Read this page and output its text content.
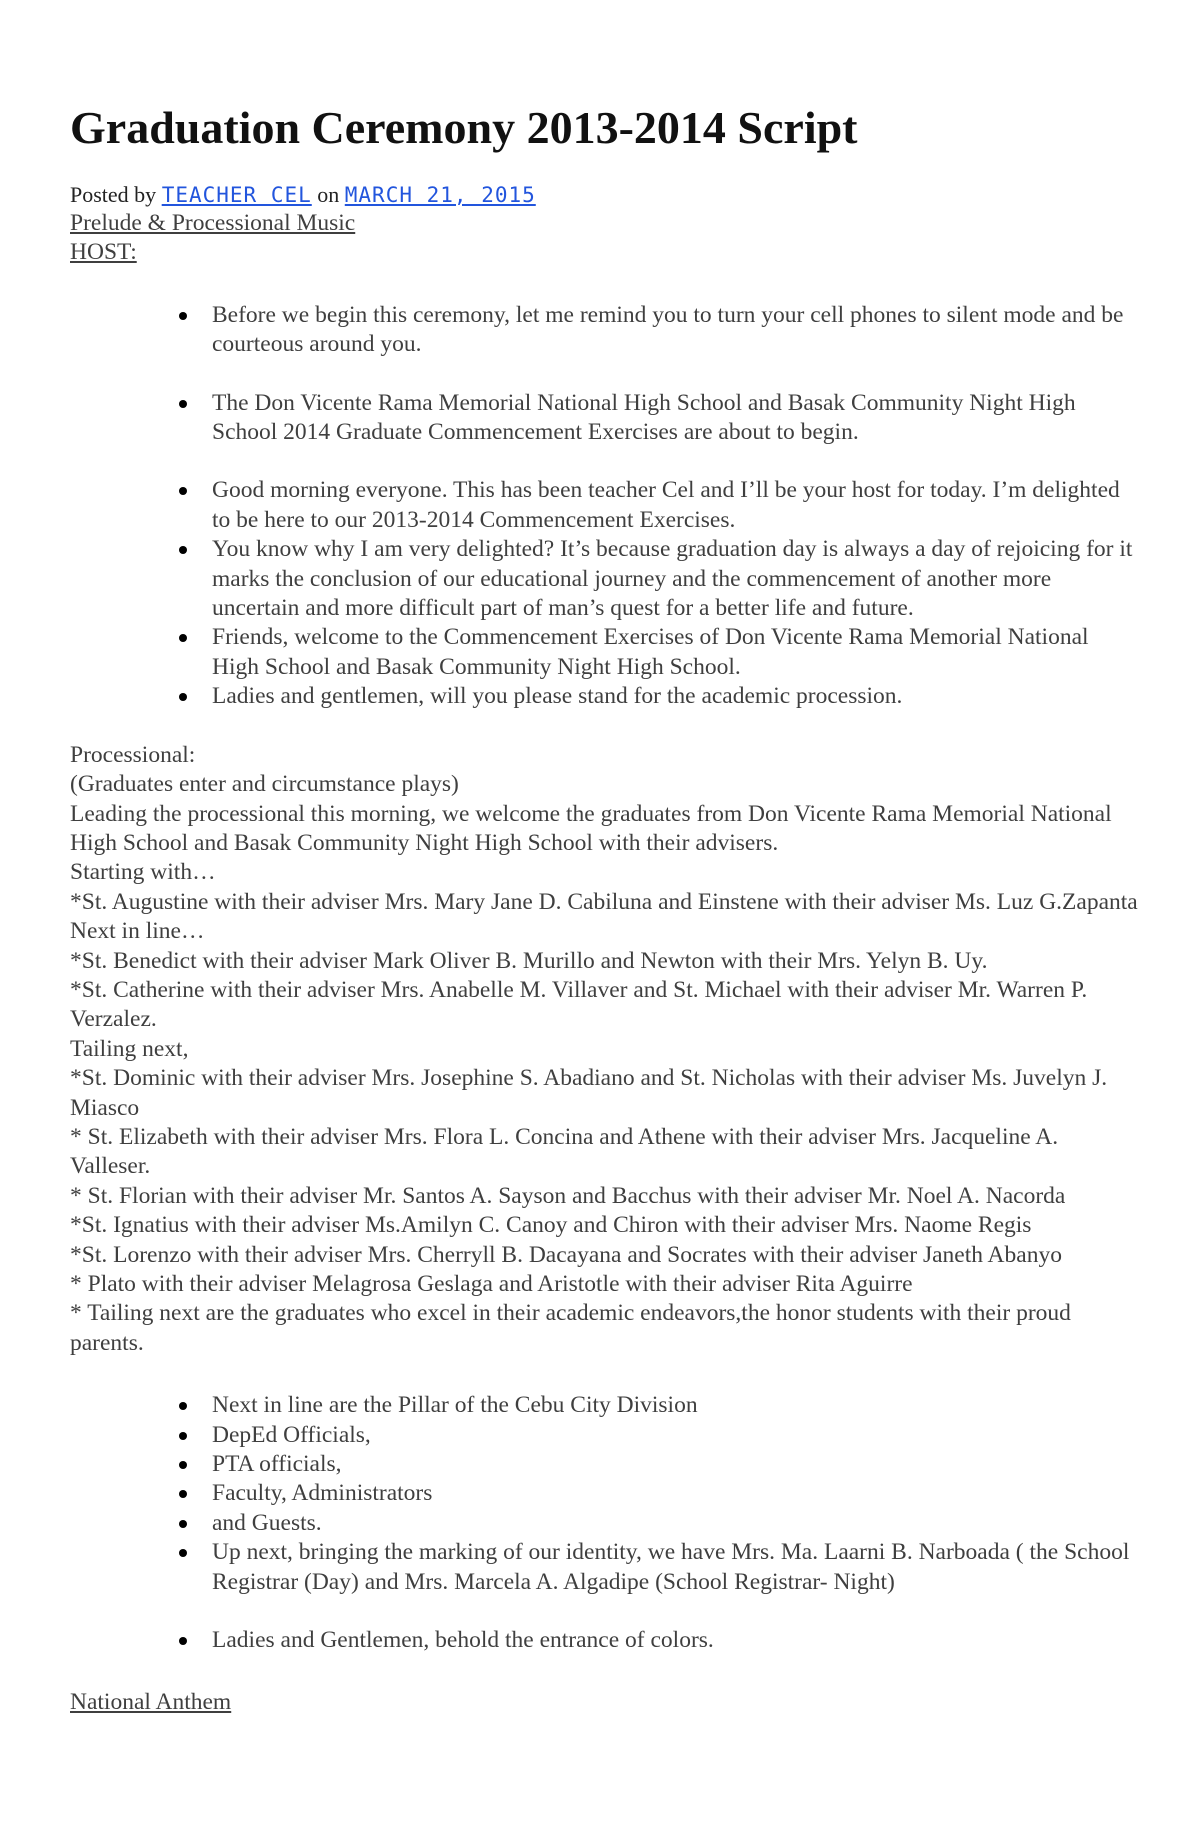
Graduation Ceremony 2013-2014 Script
Posted by TEACHER CEL on MARCH 21, 2015

Prelude & Processional Music

HOST:

Before we begin this ceremony, let me remind you to turn your cell phones to silent mode and be courteous around you.
The Don Vicente Rama Memorial National High School and Basak Community Night High School 2014 Graduate Commencement Exercises are about to begin.
Good morning everyone. This has been teacher Cel and I’ll be your host for today. I’m delighted to be here to our 2013-2014 Commencement Exercises.
You know why I am very delighted? It’s because graduation day is always a day of rejoicing for it marks the conclusion of our educational journey and the commencement of another more uncertain and more difficult part of man’s quest for a better life and future.
Friends, welcome to the Commencement Exercises of Don Vicente Rama Memorial National High School and Basak Community Night High School.
Ladies and gentlemen, will you please stand for the academic procession.

Processional:

(Graduates enter and circumstance plays)

Leading the processional this morning, we welcome the graduates from Don Vicente Rama Memorial National High School and Basak Community Night High School with their advisers.

Starting with…

*St. Augustine with their adviser Mrs. Mary Jane D. Cabiluna and Einstene with their adviser Ms. Luz G.Zapanta

Next in line…

*St. Benedict with their adviser Mark Oliver B. Murillo and Newton with their Mrs. Yelyn B. Uy.

*St. Catherine with their adviser Mrs. Anabelle M. Villaver and St. Michael with their adviser Mr. Warren P. Verzalez.

Tailing next,

*St. Dominic with their adviser Mrs. Josephine S. Abadiano and St. Nicholas with their adviser Ms. Juvelyn J. Miasco

* St. Elizabeth with their adviser Mrs. Flora L. Concina and Athene with their adviser Mrs. Jacqueline A. Valleser.

* St. Florian with their adviser Mr. Santos A. Sayson and Bacchus with their adviser Mr. Noel A. Nacorda

*St. Ignatius with their adviser Ms.Amilyn C. Canoy and Chiron with their adviser Mrs. Naome Regis

*St. Lorenzo with their adviser Mrs. Cherryll B. Dacayana and Socrates with their adviser Janeth Abanyo

* Plato with their adviser Melagrosa Geslaga and Aristotle with their adviser Rita Aguirre

* Tailing next are the graduates who excel in their academic endeavors,the honor students with their proud parents.

Next in line are the Pillar of the Cebu City Division
DepEd Officials,
PTA officials,
Faculty, Administrators
and Guests.
Up next, bringing the marking of our identity, we have Mrs. Ma. Laarni B. Narboada ( the School Registrar (Day) and Mrs. Marcela A. Algadipe (School Registrar- Night)
Ladies and Gentlemen, behold the entrance of colors.

National Anthem
